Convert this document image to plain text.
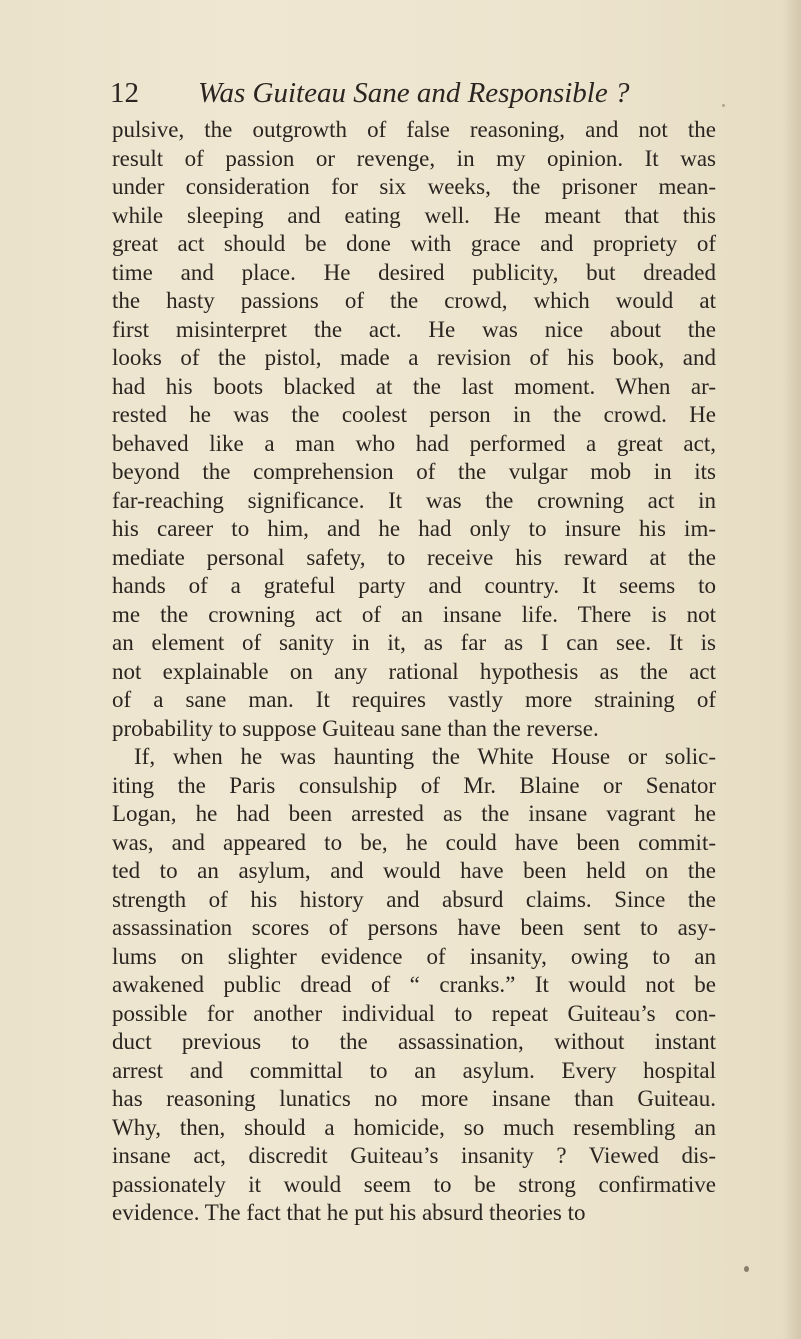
12 Was Guiteau Sane and Responsible ?
pulsive, the outgrowth of false reasoning, and not the
result of passion or revenge, in my opinion. It was
under consideration for six weeks, the prisoner mean-
while sleeping and eating well. He meant that this
great act should be done with grace and propriety of
time and place. He desired publicity, but dreaded
the hasty passions of the crowd, which would at
first misinterpret the act. He was nice about the
looks of the pistol, made a revision of his book, and
had his boots blacked at the last moment. When ar-
rested he was the coolest person in the crowd. He
behaved like a man who had performed a great act,
beyond the comprehension of the vulgar mob in its
far-reaching significance. It was the crowning act in
his career to him, and he had only to insure his im-
mediate personal safety, to receive his reward at the
hands of a grateful party and country. It seems to
me the crowning act of an insane life. There is not
an element of sanity in it, as far as I can see. It is
not explainable on any rational hypothesis as the act
of a sane man. It requires vastly more straining of
probability to suppose Guiteau sane than the reverse.
If, when he was haunting the White House or solic-
iting the Paris consulship of Mr. Blaine or Senator
Logan, he had been arrested as the insane vagrant he
was, and appeared to be, he could have been commit-
ted to an asylum, and would have been held on the
strength of his history and absurd claims. Since the
assassination scores of persons have been sent to asy-
lums on slighter evidence of insanity, owing to an
awakened public dread of “ cranks.” It would not be
possible for another individual to repeat Guiteau’s con-
duct previous to the assassination, without instant
arrest and committal to an asylum. Every hospital
has reasoning lunatics no more insane than Guiteau.
Why, then, should a homicide, so much resembling an
insane act, discredit Guiteau’s insanity ? Viewed dis-
passionately it would seem to be strong confirmative
evidence. The fact that he put his absurd theories to
